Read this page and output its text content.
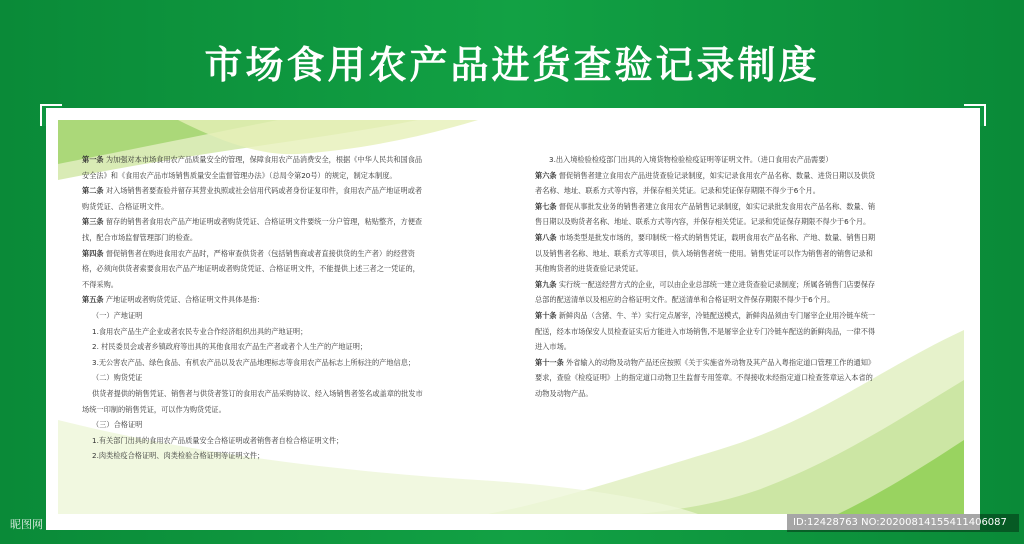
市场食用农产品进货查验记录制度

第一条 为加强对本市场食用农产品质量安全的管理，保障食用农产品消费安全，根据《中华人民共和国食品

安全法》和《食用农产品市场销售质量安全监督管理办法》（总局令第20号）的规定，制定本制度。

第二条 对入场销售者要查验并留存其营业执照或社会信用代码或者身份证复印件，食用农产品产地证明或者

购货凭证、合格证明文件。

第三条 留存的销售者食用农产品产地证明或者购货凭证、合格证明文件要统一分户管理，粘贴整齐，方便查

找，配合市场监督管理部门的检查。

第四条 督促销售者在购进食用农产品时，严格审查供货者（包括销售商或者直接供货的生产者）的经营资

格，必须向供货者索要食用农产品产地证明或者购货凭证、合格证明文件，不能提供上述三者之一凭证的，

不得采购。

第五条 产地证明或者购货凭证、合格证明文件具体是指：

（一）产地证明

1.食用农产品生产企业或者农民专业合作经济组织出具的产地证明；

2. 村民委员会或者乡镇政府等出具的其他食用农产品生产者或者个人生产的产地证明；

3.无公害农产品、绿色食品、有机农产品以及农产品地理标志等食用农产品标志上所标注的产地信息；

（二）购货凭证

供货者提供的销售凭证、销售者与供货者签订的食用农产品采购协议、经入场销售者签名或盖章的批发市

场统一印制的销售凭证，可以作为购货凭证。

（三）合格证明

1.有关部门出具的食用农产品质量安全合格证明或者销售者自检合格证明文件；

2.肉类检疫合格证明、肉类检验合格证明等证明文件；

3.出入境检验检疫部门出具的入境货物检验检疫证明等证明文件。（进口食用农产品需要）

第六条 督促销售者建立食用农产品进货查验记录制度，如实记录食用农产品名称、数量、进货日期以及供货

者名称、地址、联系方式等内容，并保存相关凭证。记录和凭证保存期限不得少于6个月。

第七条 督促从事批发业务的销售者建立食用农产品销售记录制度，如实记录批发食用农产品名称、数量、销

售日期以及购货者名称、地址、联系方式等内容，并保存相关凭证。记录和凭证保存期限不得少于6个月。

第八条 市场类型是批发市场的，要印制统一格式的销售凭证，载明食用农产品名称、产地、数量、销售日期

以及销售者名称、地址、联系方式等项目，供入场销售者统一使用。销售凭证可以作为销售者的销售记录和

其他购货者的进货查验记录凭证。

第九条 实行统一配送经营方式的企业，可以由企业总部统一建立进货查验记录制度；所属各销售门店要保存

总部的配送清单以及相应的合格证明文件。配送清单和合格证明文件保存期限不得少于6个月。

第十条 新鲜肉品（含猪、牛、羊）实行定点屠宰，冷链配送模式，新鲜肉品须由专门屠宰企业用冷链车统一

配送，经本市场保安人员检查证实后方能进入市场销售,不是屠宰企业专门冷链车配送的新鲜肉品，一律不得

进入市场。

第十一条 外省输入的动物及动物产品还应按照《关于实施省外动物及其产品入粤指定道口管理工作的通知》

要求，查验《检疫证明》上的指定道口动物卫生监督专用签章。不得接收未经指定道口检查签章运入本省的

动物及动物产品。

昵图网 www.nipic.com	ID:12428763 NO:20200814155411406087
